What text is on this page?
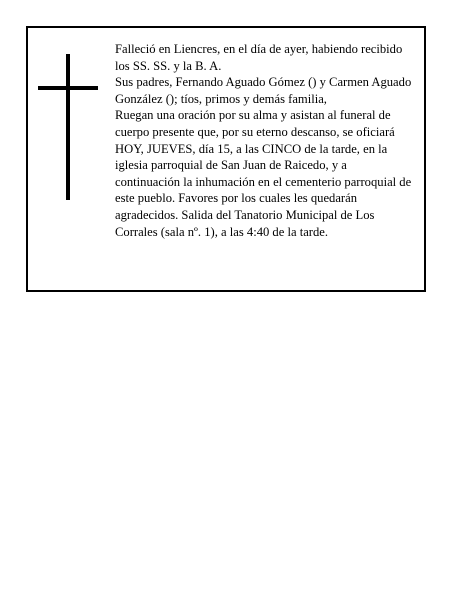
Falleció en Liencres, en el día de ayer, habiendo recibido los SS. SS. y la B. A.

Sus padres, Fernando Aguado Gómez () y Carmen Aguado González (); tíos, primos y demás familia,

Ruegan una oración por su alma y asistan al funeral de cuerpo presente que, por su eterno descanso, se oficiará HOY, JUEVES, día 15, a las CINCO de la tarde, en la iglesia parroquial de San Juan de Raicedo, y a continuación la inhumación en el cementerio parroquial de este pueblo. Favores por los cuales les quedarán agradecidos. Salida del Tanatorio Municipal de Los Corrales (sala nº. 1), a las 4:40 de la tarde.
